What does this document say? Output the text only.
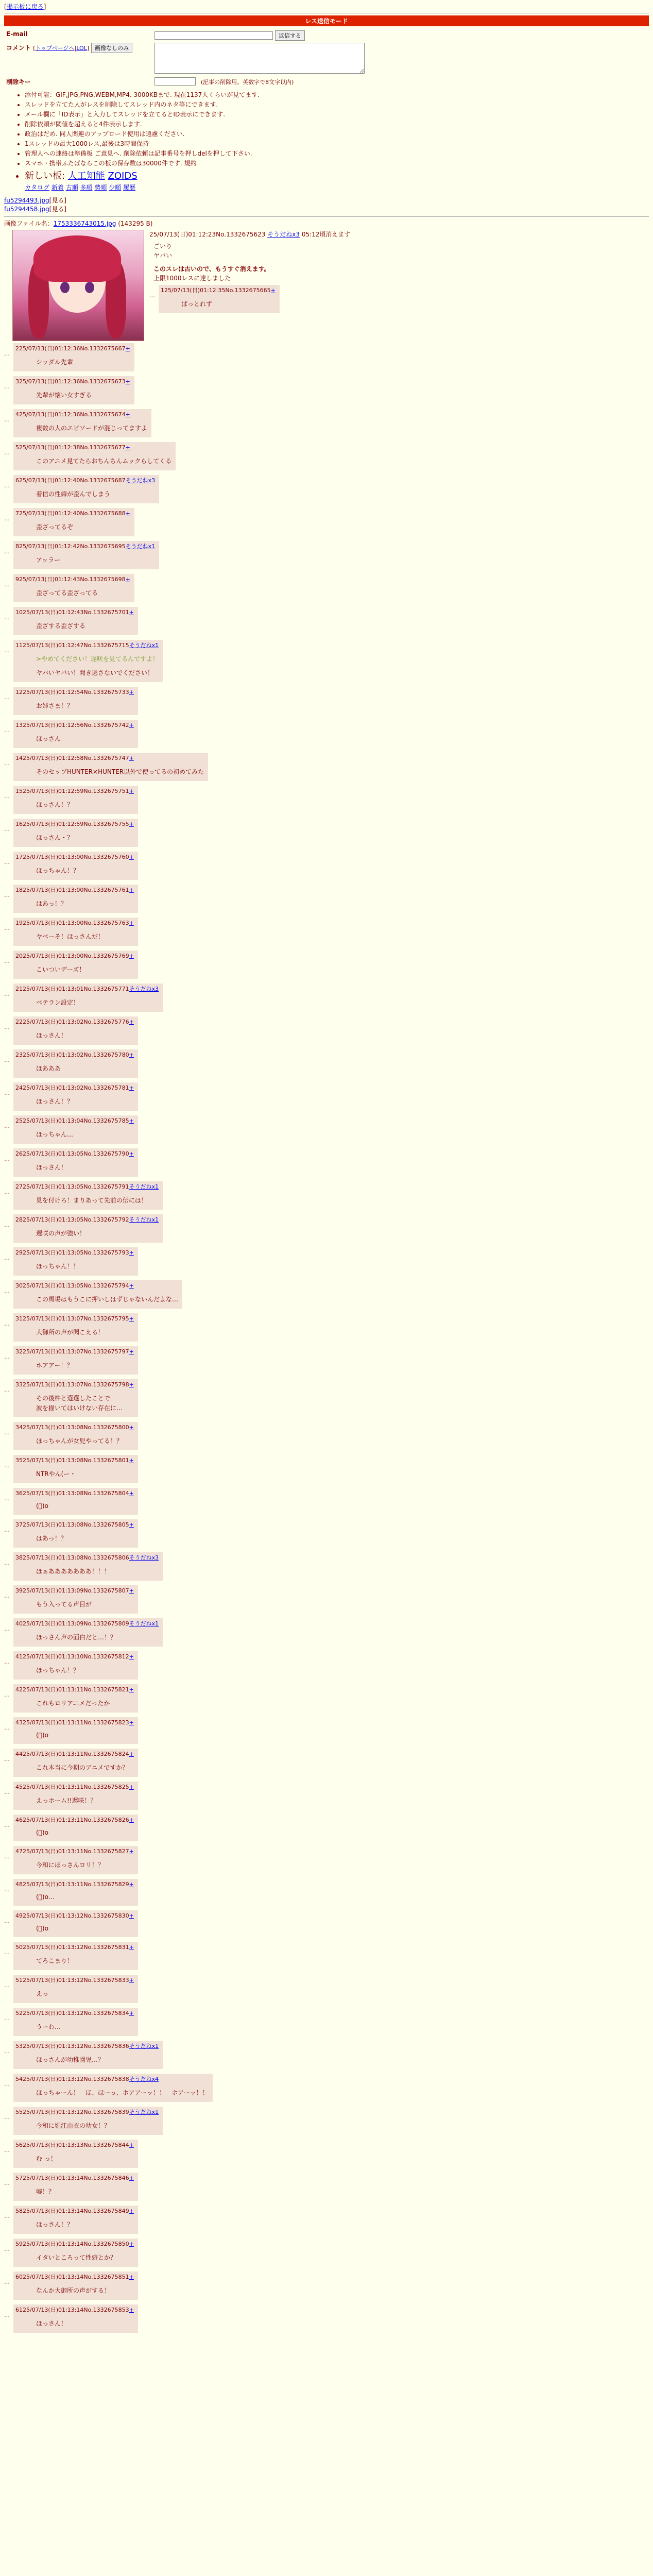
[掲示板に戻る]
レス送信モード
E-mail	返信する
コメント [トップページへ|LOL] 画像なしのみ	
削除キー	(記事の削除用。英数字で8文字以内)
• 添付可能：GIF,JPG,PNG,WEBM,MP4. 3000KBまで. 現在1137人くらいが見てます.
• スレッドを立てた人がレスを削除してスレッド内のネタ等にできます.
• メール欄に「ID表示」と入力してスレッドを立てるとID表示にできます.
• 削除依頼が閾値を超えると4件表示します.
• 政治はだめ. 同人関連のアップロード使用は遠慮ください.
• 1スレッドの最大1000レス,最後は3時間保持
• 管理人への連絡は準備板 ご意見へ. 削除依頼は記事番号を押しdelを押して下さい.
• スマホ・携帯ふたばならこの板の保存数は30000件です. 規約
• 新しい板: 人工知能 ZOIDS
カタログ 新着 古順 多順 勢順 少順 履歴
fu5294493.jpg[見る]
fu5294458.jpg[見る]
画像ファイル名：1753336743015.jpg (143295 B)
25/07/13(日)01:12:23No.1332675623 そうだねx3 05:12頃消えます
ごいり
ヤバい
このスレは古いので、もうすぐ消えます。
上限1000レスに達しました
…
125/07/13(日)01:12:35No.1332675665+
ぱっとれず
…
225/07/13(日)01:12:36No.1332675667+
シッダル先輩
…
325/07/13(日)01:12:36No.1332675673+
先輩が懐い女すぎる
…
425/07/13(日)01:12:36No.1332675674+
複数の人のエピソードが混じってますよ
…
525/07/13(日)01:12:38No.1332675677+
このアニメ見てたらおちんちんムックらしてくる
…
625/07/13(日)01:12:40No.1332675687そうだねx3
着信の性癖が歪んでしまう
…
725/07/13(日)01:12:40No.1332675688+
歪ざってるぞ
…
825/07/13(日)01:12:42No.1332675695そうだねx1
アッラー
…
925/07/13(日)01:12:43No.1332675698+
歪ざってる歪ざってる
…
1025/07/13(日)01:12:43No.1332675701+
歪ざする歪ざする
…
1125/07/13(日)01:12:47No.1332675715そうだねx1
>やめてください！遅咲を見てるんですよ！
ヤバいヤバい！聞き逃さないでください！
…
1225/07/13(日)01:12:54No.1332675733+
お姉さま！？
…
1325/07/13(日)01:12:56No.1332675742+
ほっさん
…
1425/07/13(日)01:12:58No.1332675747+
そのセップHUNTER×HUNTER以外で使ってるの初めてみた
…
1525/07/13(日)01:12:59No.1332675751+
ほっさん！？
…
1625/07/13(日)01:12:59No.1332675755+
ほっさん・？
…
1725/07/13(日)01:13:00No.1332675760+
ほっちゃん！？
…
1825/07/13(日)01:13:00No.1332675761+
はあっ！？
…
1925/07/13(日)01:13:00No.1332675763+
ヤベーそ！ほっさんだ！
…
2025/07/13(日)01:13:00No.1332675769+
こいついデーズ！
…
2125/07/13(日)01:13:01No.1332675771そうだねx3
ベテラン設定！
…
2225/07/13(日)01:13:02No.1332675776+
ほっさん！
…
2325/07/13(日)01:13:02No.1332675780+
ほあああ
…
2425/07/13(日)01:13:02No.1332675781+
ほっさん！？
…
2525/07/13(日)01:13:04No.1332675785+
ほっちゃん…
…
2625/07/13(日)01:13:05No.1332675790+
ほっさん！
…
2725/07/13(日)01:13:05No.1332675791そうだねx1
見を付けろ！まりあって先前の伝には！
…
2825/07/13(日)01:13:05No.1332675792そうだねx1
遅咲の声が強い！
…
2925/07/13(日)01:13:05No.1332675793+
ほっちゃん！！
…
3025/07/13(日)01:13:05No.1332675794+
この馬場はもうこに押いしはずじゃないんだよな…
…
3125/07/13(日)01:13:07No.1332675795+
大御所の声が聞こえる！
…
3225/07/13(日)01:13:07No.1332675797+
ホアアー！？
…
3325/07/13(日)01:13:07No.1332675798+
その後杵と選選したことで
波を描いてはいけない存在に…
…
3425/07/13(日)01:13:08No.1332675800+
ほっちゃんが女児やってる！？
…
3525/07/13(日)01:13:08No.1332675801+
NTRやん(ー・
…
3625/07/13(日)01:13:08No.1332675804+
(ﾟ)о
…
3725/07/13(日)01:13:08No.1332675805+
はあっ！？
…
3825/07/13(日)01:13:08No.1332675806そうだねx3
ほぁあああああああ！！！
…
3925/07/13(日)01:13:09No.1332675807+
もう入ってる声目が
…
4025/07/13(日)01:13:09No.1332675809そうだねx1
ほっさん声の面白だと…！？
…
4125/07/13(日)01:13:10No.1332675812+
ほっちゃん！？
…
4225/07/13(日)01:13:11No.1332675821+
これもロリアニメだったか
…
4325/07/13(日)01:13:11No.1332675823+
(ﾟ)о
…
4425/07/13(日)01:13:11No.1332675824+
これ本当に今期のアニメですか？
…
4525/07/13(日)01:13:11No.1332675825+
えっホーム!!遅咲！？
…
4625/07/13(日)01:13:11No.1332675826+
(ﾟ)о
…
4725/07/13(日)01:13:11No.1332675827+
今和にほっさんロリ！？
…
4825/07/13(日)01:13:11No.1332675829+
(ﾟ)о…
…
4925/07/13(日)01:13:12No.1332675830+
(ﾟ)о
…
5025/07/13(日)01:13:12No.1332675831+
てろこまり！
…
5125/07/13(日)01:13:12No.1332675833+
えっ
…
5225/07/13(日)01:13:12No.1332675834+
うーわ…
…
5325/07/13(日)01:13:12No.1332675836そうだねx1
ほっさんが幼稚園児…？
…
5425/07/13(日)01:13:12No.1332675838そうだねx4
ほっちゃーん！　ほ、ほーっ、ホアアーッ！！　ホアーッ！！
…
5525/07/13(日)01:13:12No.1332675839そうだねx1
今和に堀江由衣の幼女！？
…
5625/07/13(日)01:13:13No.1332675844+
む っ！
…
5725/07/13(日)01:13:14No.1332675846+
嘘！？
…
5825/07/13(日)01:13:14No.1332675849+
ほっさん！？
…
5925/07/13(日)01:13:14No.1332675850+
イタいところって性癖とか？
…
6025/07/13(日)01:13:14No.1332675851+
なんか大御所の声がする！
…
6125/07/13(日)01:13:14No.1332675853+
ほっさん！
